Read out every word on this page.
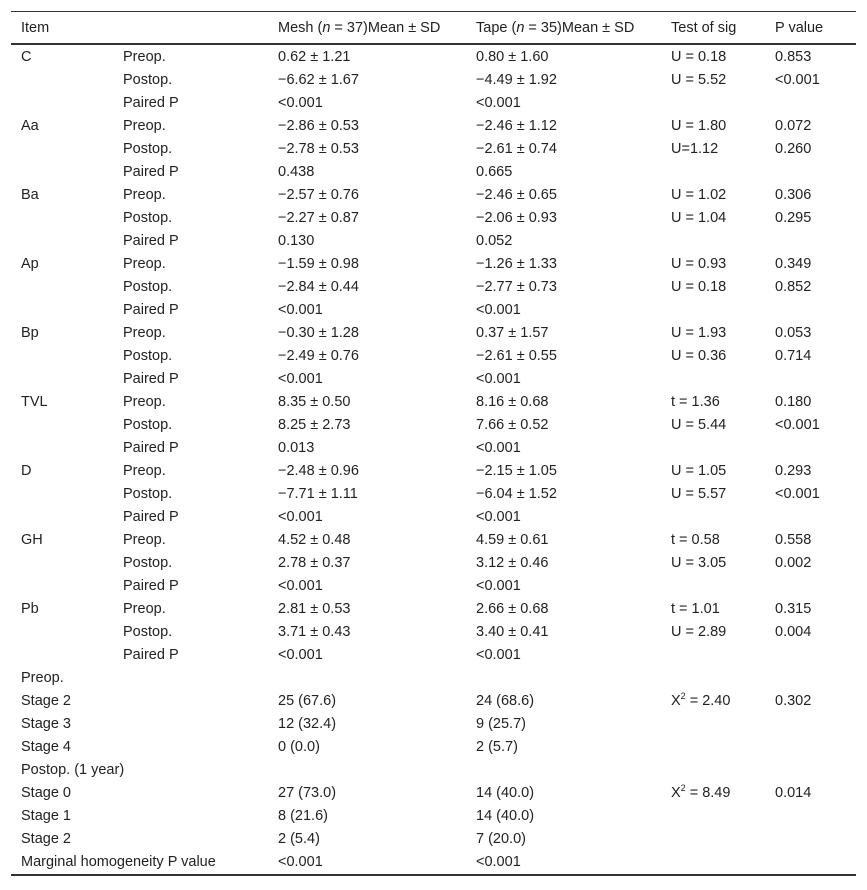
Item		Mesh (n = 37)Mean ± SD	Tape (n = 35)Mean ± SD	Test of sig	P value
C	Preop.	0.62 ± 1.21	0.80 ± 1.60	U = 0.18	0.853
	Postop.	−6.62 ± 1.67	−4.49 ± 1.92	U = 5.52	<0.001
	Paired P	<0.001	<0.001		
Aa	Preop.	−2.86 ± 0.53	−2.46 ± 1.12	U = 1.80	0.072
	Postop.	−2.78 ± 0.53	−2.61 ± 0.74	U=1.12	0.260
	Paired P	0.438	0.665		
Ba	Preop.	−2.57 ± 0.76	−2.46 ± 0.65	U = 1.02	0.306
	Postop.	−2.27 ± 0.87	−2.06 ± 0.93	U = 1.04	0.295
	Paired P	0.130	0.052		
Ap	Preop.	−1.59 ± 0.98	−1.26 ± 1.33	U = 0.93	0.349
	Postop.	−2.84 ± 0.44	−2.77 ± 0.73	U = 0.18	0.852
	Paired P	<0.001	<0.001		
Bp	Preop.	−0.30 ± 1.28	0.37 ± 1.57	U = 1.93	0.053
	Postop.	−2.49 ± 0.76	−2.61 ± 0.55	U = 0.36	0.714
	Paired P	<0.001	<0.001		
TVL	Preop.	8.35 ± 0.50	8.16 ± 0.68	t = 1.36	0.180
	Postop.	8.25 ± 2.73	7.66 ± 0.52	U = 5.44	<0.001
	Paired P	0.013	<0.001		
D	Preop.	−2.48 ± 0.96	−2.15 ± 1.05	U = 1.05	0.293
	Postop.	−7.71 ± 1.11	−6.04 ± 1.52	U = 5.57	<0.001
	Paired P	<0.001	<0.001		
GH	Preop.	4.52 ± 0.48	4.59 ± 0.61	t = 0.58	0.558
	Postop.	2.78 ± 0.37	3.12 ± 0.46	U = 3.05	0.002
	Paired P	<0.001	<0.001		
Pb	Preop.	2.81 ± 0.53	2.66 ± 0.68	t = 1.01	0.315
	Postop.	3.71 ± 0.43	3.40 ± 0.41	U = 2.89	0.004
	Paired P	<0.001	<0.001		
Preop.					
Stage 2		25 (67.6)	24 (68.6)	$X^2 = 2.40$	0.302
Stage 3		12 (32.4)	9 (25.7)		
Stage 4		0 (0.0)	2 (5.7)		
Postop. (1 year)					
Stage 0		27 (73.0)	14 (40.0)	$X^2 = 8.49$	0.014
Stage 1		8 (21.6)	14 (40.0)		
Stage 2		2 (5.4)	7 (20.0)		
Marginal homogeneity P value		<0.001	<0.001		
